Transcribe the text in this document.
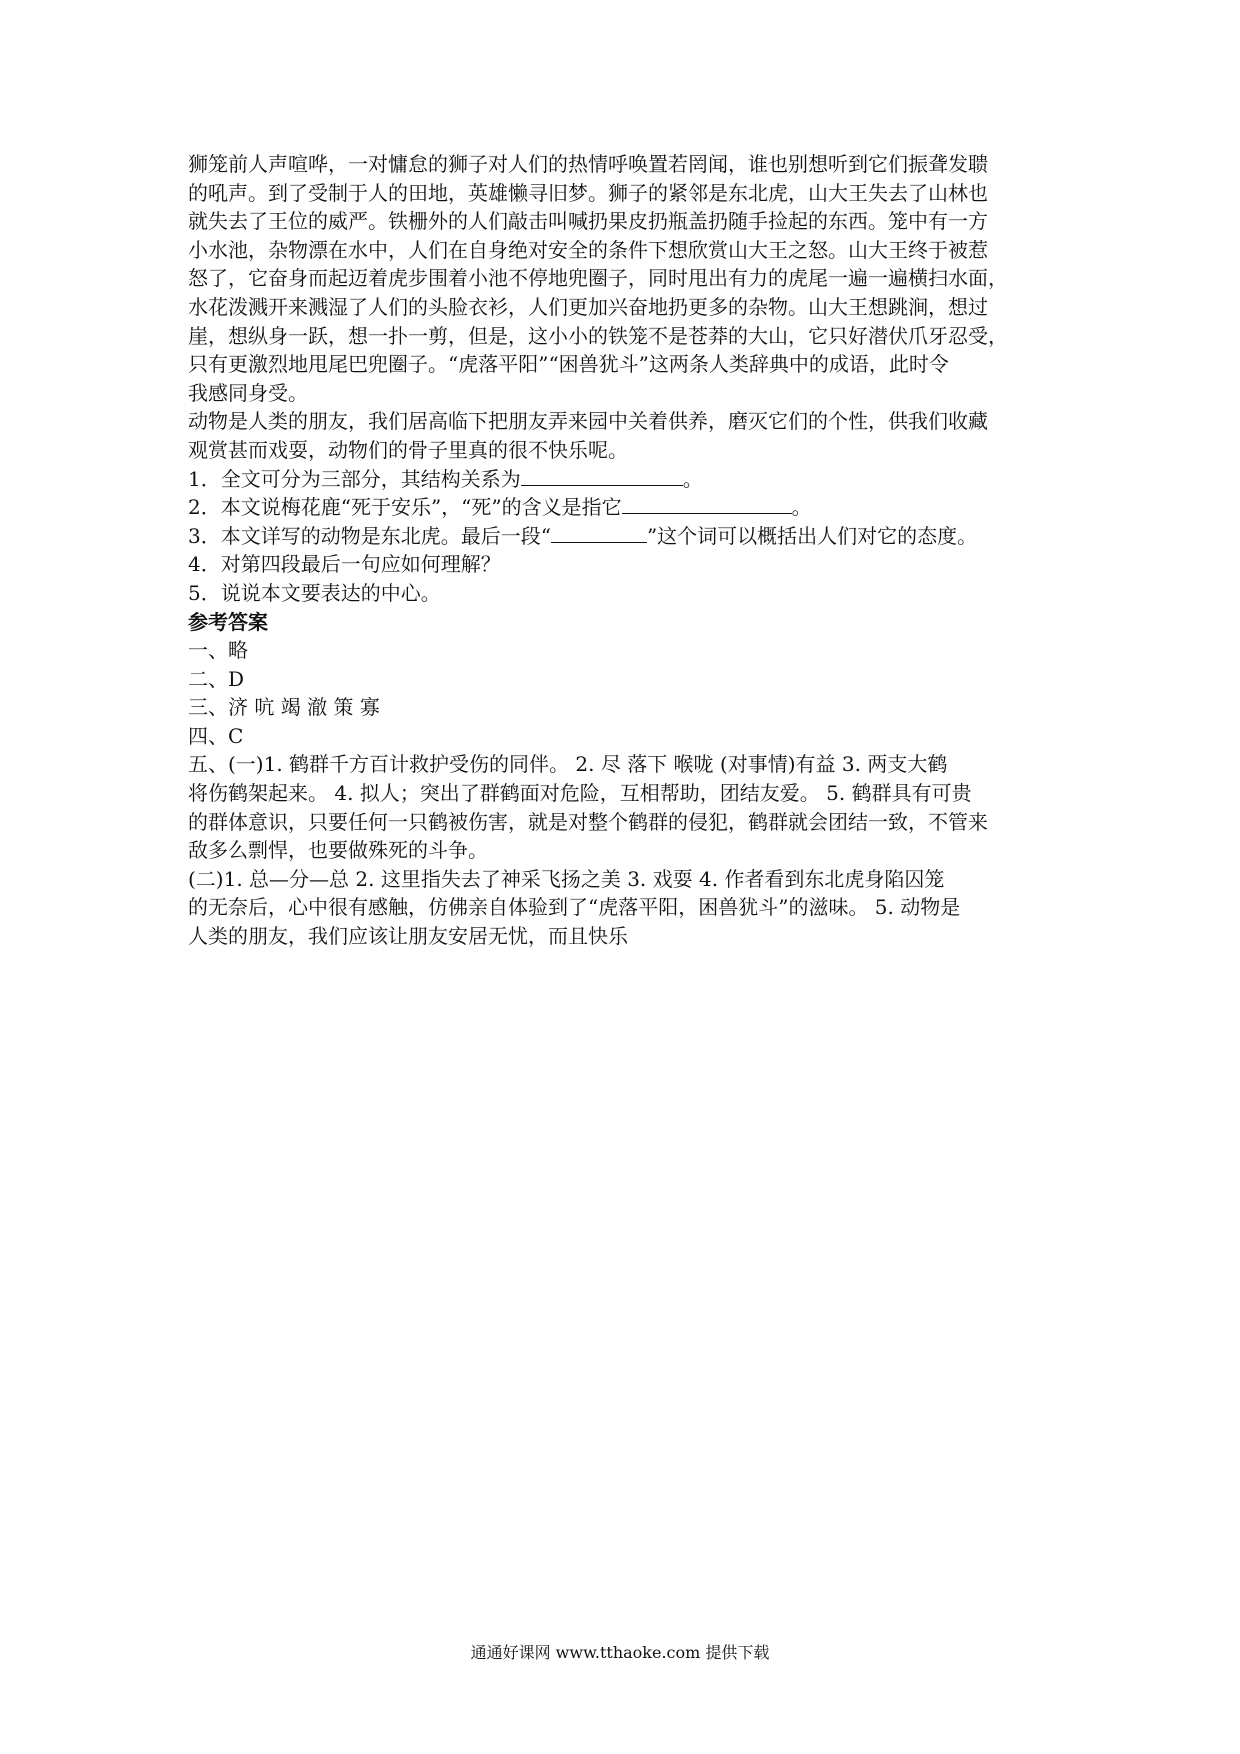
狮笼前人声喧哗，一对慵怠的狮子对人们的热情呼唤置若罔闻，谁也别想听到它们振聋发聩
的吼声。到了受制于人的田地，英雄懒寻旧梦。狮子的紧邻是东北虎，山大王失去了山林也
就失去了王位的威严。铁栅外的人们敲击叫喊扔果皮扔瓶盖扔随手捡起的东西。笼中有一方
小水池，杂物漂在水中，人们在自身绝对安全的条件下想欣赏山大王之怒。山大王终于被惹
怒了，它奋身而起迈着虎步围着小池不停地兜圈子，同时甩出有力的虎尾一遍一遍横扫水面，
水花泼溅开来溅湿了人们的头脸衣衫，人们更加兴奋地扔更多的杂物。山大王想跳涧，想过
崖，想纵身一跃，想一扑一剪，但是，这小小的铁笼不是苍莽的大山，它只好潜伏爪牙忍受，
只有更激烈地甩尾巴兜圈子。“虎落平阳”“困兽犹斗”这两条人类辞典中的成语，此时令
我感同身受。
动物是人类的朋友，我们居高临下把朋友弄来园中关着供养，磨灭它们的个性，供我们收藏
观赏甚而戏耍，动物们的骨子里真的很不快乐呢。
1．全文可分为三部分，其结构关系为	。
2．本文说梅花鹿“死于安乐”，“死”的含义是指它	。
3．本文详写的动物是东北虎。最后一段“	”这个词可以概括出人们对它的态度。
4．对第四段最后一句应如何理解？
5．说说本文要表达的中心。
参考答案
一、略
二、D
三、济 吭 竭 澈 策 寡
四、C
五、(一)1. 鹤群千方百计救护受伤的同伴。 2. 尽 落下 喉咙 (对事情)有益 3. 两支大鹤
将伤鹤架起来。 4. 拟人；突出了群鹤面对危险，互相帮助，团结友爱。 5. 鹤群具有可贵
的群体意识，只要任何一只鹤被伤害，就是对整个鹤群的侵犯，鹤群就会团结一致，不管来
敌多么剽悍，也要做殊死的斗争。
(二)1. 总—分—总 2. 这里指失去了神采飞扬之美 3. 戏耍 4. 作者看到东北虎身陷囚笼
的无奈后，心中很有感触，仿佛亲自体验到了“虎落平阳，困兽犹斗”的滋味。 5. 动物是
人类的朋友，我们应该让朋友安居无忧，而且快乐
通通好课网 www.tthaoke.com 提供下载
